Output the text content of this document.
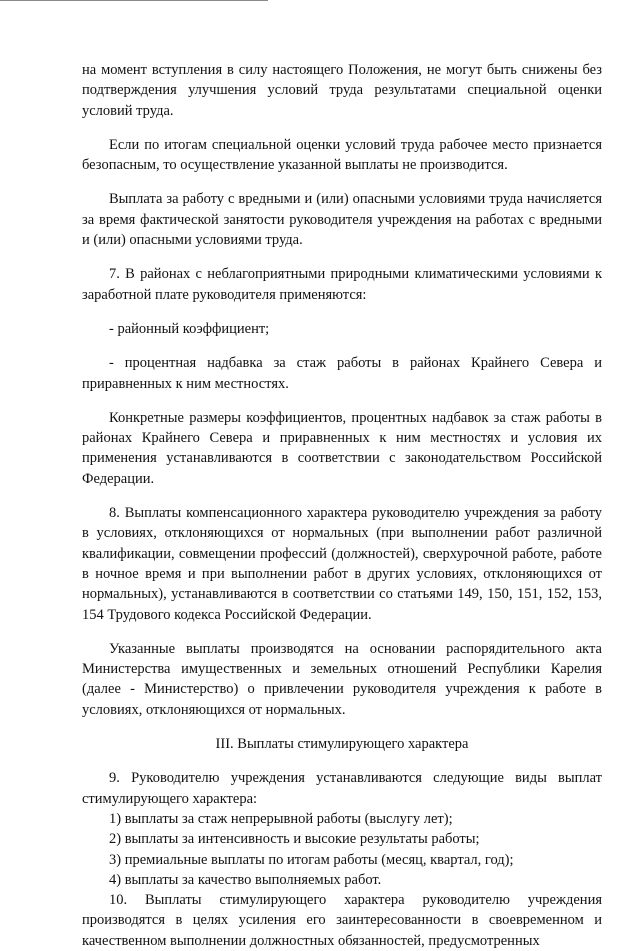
на момент вступления в силу настоящего Положения, не могут быть снижены без подтверждения улучшения условий труда результатами специальной оценки условий труда.

Если по итогам специальной оценки условий труда рабочее место признается безопасным, то осуществление указанной выплаты не производится.

Выплата за работу с вредными и (или) опасными условиями труда начисляется за время фактической занятости руководителя учреждения на работах с вредными и (или) опасными условиями труда.

7. В районах с неблагоприятными природными климатическими условиями к заработной плате руководителя применяются:

- районный коэффициент;

- процентная надбавка за стаж работы в районах Крайнего Севера и приравненных к ним местностях.

Конкретные размеры коэффициентов, процентных надбавок за стаж работы в районах Крайнего Севера и приравненных к ним местностях и условия их применения устанавливаются в соответствии с законодательством Российской Федерации.

8. Выплаты компенсационного характера руководителю учреждения за работу в условиях, отклоняющихся от нормальных (при выполнении работ различной квалификации, совмещении профессий (должностей), сверхурочной работе, работе в ночное время и при выполнении работ в других условиях, отклоняющихся от нормальных), устанавливаются в соответствии со статьями 149, 150, 151, 152, 153, 154 Трудового кодекса Российской Федерации.

Указанные выплаты производятся на основании распорядительного акта Министерства имущественных и земельных отношений Республики Карелия (далее - Министерство) о привлечении руководителя учреждения к работе в условиях, отклоняющихся от нормальных.

III. Выплаты стимулирующего характера

9. Руководителю учреждения устанавливаются следующие виды выплат стимулирующего характера:

1) выплаты за стаж непрерывной работы (выслугу лет);

2) выплаты за интенсивность и высокие результаты работы;

3) премиальные выплаты по итогам работы (месяц, квартал, год);

4) выплаты за качество выполняемых работ.

10. Выплаты стимулирующего характера руководителю учреждения производятся в целях усиления его заинтересованности в своевременном и качественном выполнении должностных обязанностей, предусмотренных
